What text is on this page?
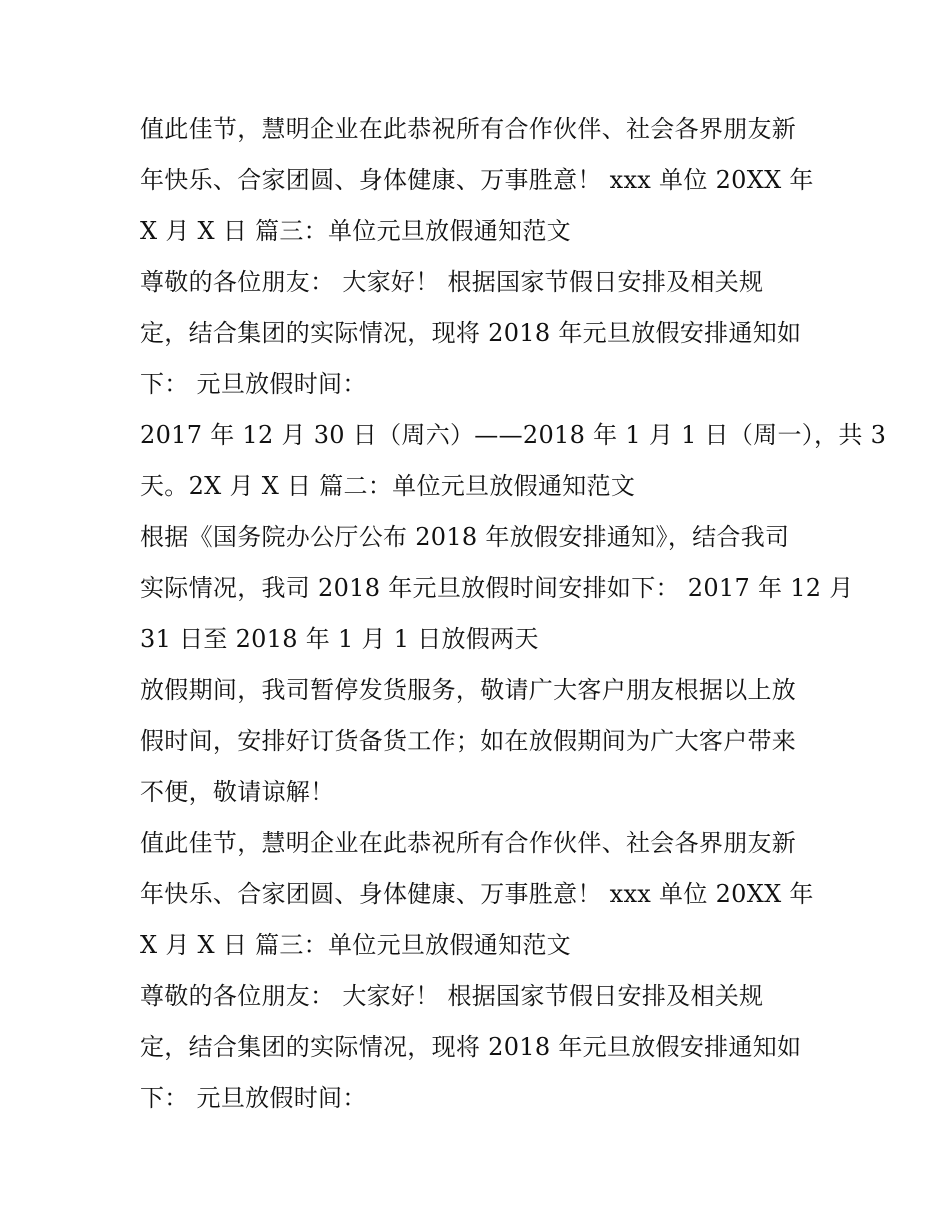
值此佳节，慧明企业在此恭祝所有合作伙伴、社会各界朋友新
年快乐、合家团圆、身体健康、万事胜意！ xxx 单位 20XX 年
X 月 X 日 篇三：单位元旦放假通知范文
尊敬的各位朋友： 大家好！ 根据国家节假日安排及相关规
定，结合集团的实际情况，现将 2018 年元旦放假安排通知如
下： 元旦放假时间：
2017 年 12 月 30 日（周六）——2018 年 1 月 1 日（周一），共 3
天。2X 月 X 日 篇二：单位元旦放假通知范文
根据《国务院办公厅公布 2018 年放假安排通知》，结合我司
实际情况，我司 2018 年元旦放假时间安排如下： 2017 年 12 月
31 日至 2018 年 1 月 1 日放假两天
放假期间，我司暂停发货服务，敬请广大客户朋友根据以上放
假时间，安排好订货备货工作；如在放假期间为广大客户带来
不便，敬请谅解！
值此佳节，慧明企业在此恭祝所有合作伙伴、社会各界朋友新
年快乐、合家团圆、身体健康、万事胜意！ xxx 单位 20XX 年
X 月 X 日 篇三：单位元旦放假通知范文
尊敬的各位朋友： 大家好！ 根据国家节假日安排及相关规
定，结合集团的实际情况，现将 2018 年元旦放假安排通知如
下： 元旦放假时间：
